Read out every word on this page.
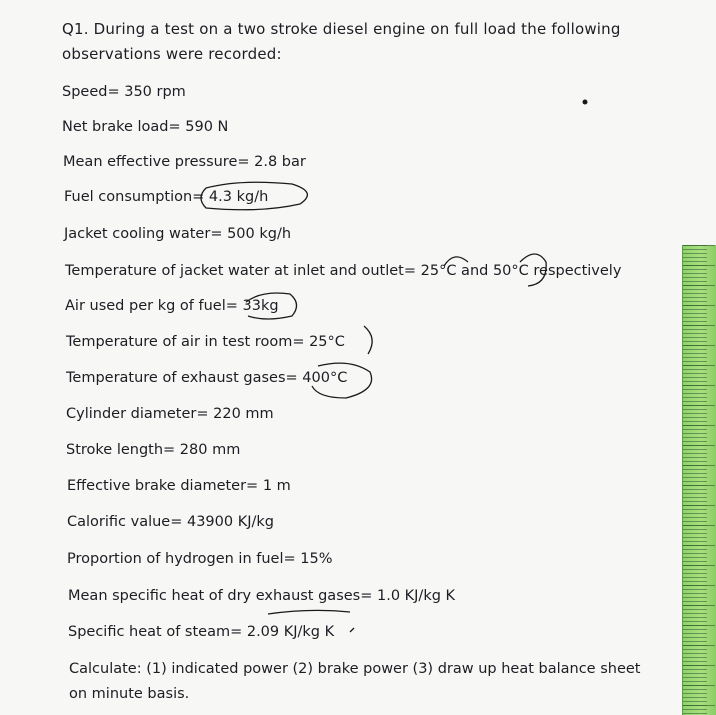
Q1. During a test on a two stroke diesel engine on full load the following
observations were recorded:
Speed= 350 rpm
Net brake load= 590 N
Mean effective pressure= 2.8 bar
Fuel consumption= 4.3 kg/h
Jacket cooling water= 500 kg/h
Temperature of jacket water at inlet and outlet= 25°C and 50°C respectively
Air used per kg of fuel= 33kg
Temperature of air in test room= 25°C
Temperature of exhaust gases= 400°C
Cylinder diameter= 220 mm
Stroke length= 280 mm
Effective brake diameter= 1 m
Calorific value= 43900 KJ/kg
Proportion of hydrogen in fuel= 15%
Mean specific heat of dry exhaust gases= 1.0 KJ/kg K
Specific heat of steam= 2.09 KJ/kg K
Calculate: (1) indicated power (2) brake power (3) draw up heat balance sheet
on minute basis.
